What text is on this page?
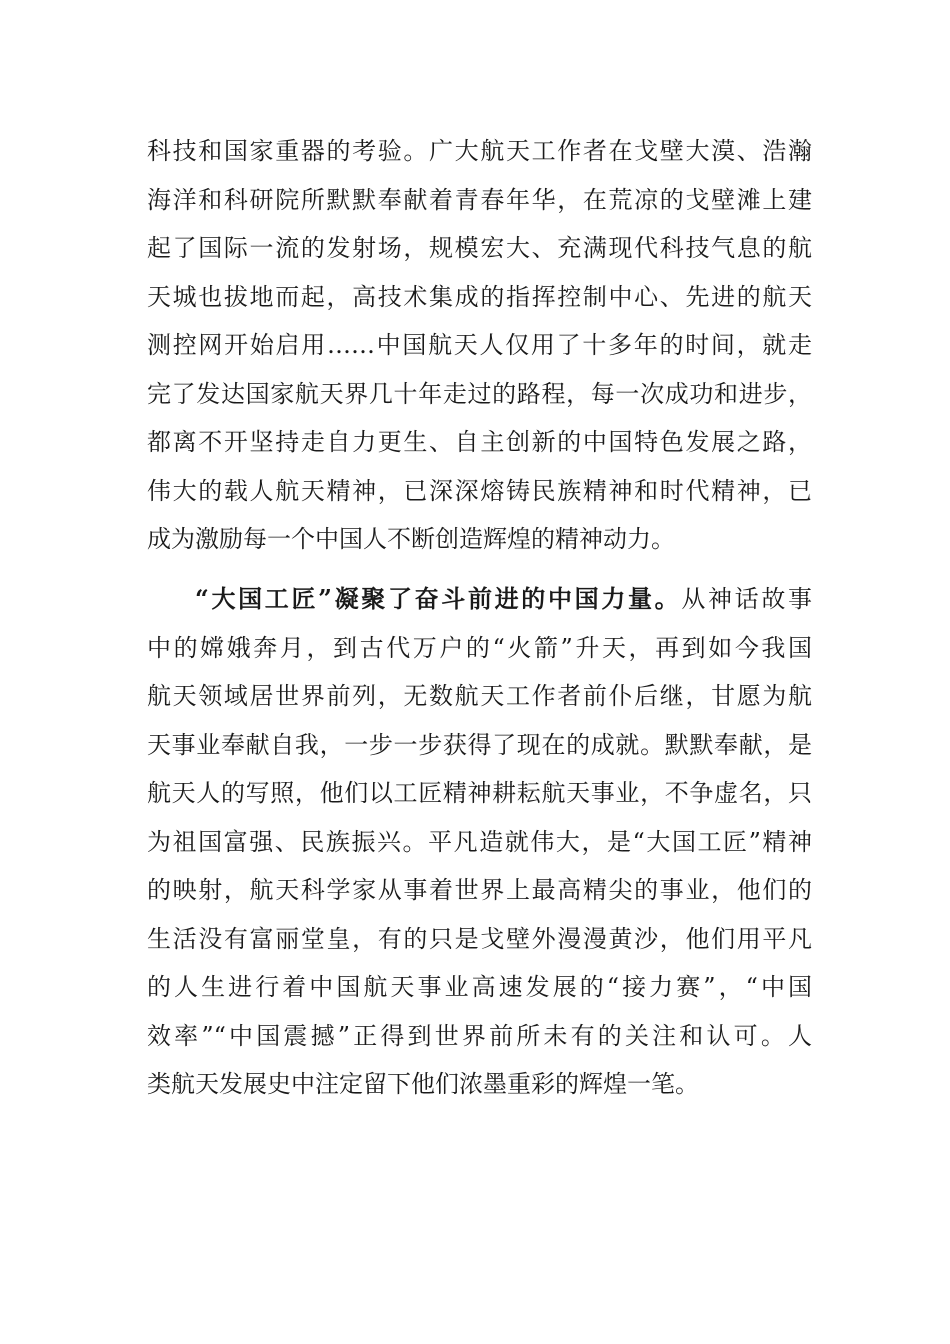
科技和国家重器的考验。广大航天工作者在戈壁大漠、浩瀚
海洋和科研院所默默奉献着青春年华，在荒凉的戈壁滩上建
起了国际一流的发射场，规模宏大、充满现代科技气息的航
天城也拔地而起，高技术集成的指挥控制中心、先进的航天
测控网开始启用……中国航天人仅用了十多年的时间，就走
完了发达国家航天界几十年走过的路程，每一次成功和进步，
都离不开坚持走自力更生、自主创新的中国特色发展之路，
伟大的载人航天精神，已深深熔铸民族精神和时代精神，已
成为激励每一个中国人不断创造辉煌的精神动力。
“大国工匠”凝聚了奋斗前进的中国力量。从神话故事
中的嫦娥奔月，到古代万户的“火箭”升天，再到如今我国
航天领域居世界前列，无数航天工作者前仆后继，甘愿为航
天事业奉献自我，一步一步获得了现在的成就。默默奉献，是
航天人的写照，他们以工匠精神耕耘航天事业，不争虚名，只
为祖国富强、民族振兴。平凡造就伟大，是“大国工匠”精神
的映射，航天科学家从事着世界上最高精尖的事业，他们的
生活没有富丽堂皇，有的只是戈壁外漫漫黄沙，他们用平凡
的人生进行着中国航天事业高速发展的“接力赛”，“中国
效率”“中国震撼”正得到世界前所未有的关注和认可。人
类航天发展史中注定留下他们浓墨重彩的辉煌一笔。
